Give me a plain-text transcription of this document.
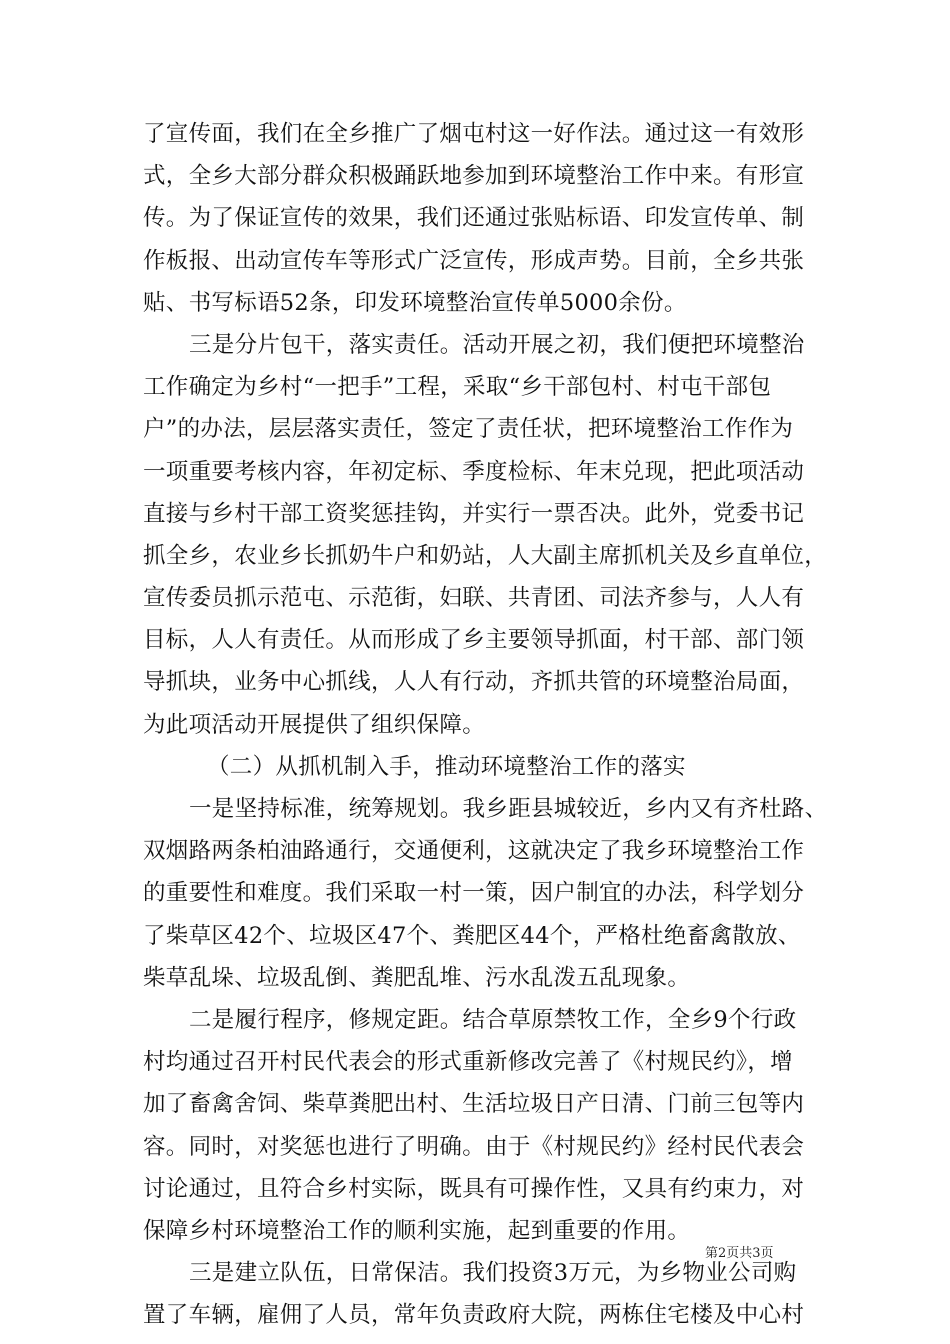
了宣传面，我们在全乡推广了烟屯村这一好作法。通过这一有效形
式，全乡大部分群众积极踊跃地参加到环境整治工作中来。有形宣
传。为了保证宣传的效果，我们还通过张贴标语、印发宣传单、制
作板报、出动宣传车等形式广泛宣传，形成声势。目前，全乡共张
贴、书写标语52条，印发环境整治宣传单5000余份。
三是分片包干，落实责任。活动开展之初，我们便把环境整治
工作确定为乡村“一把手”工程，采取“乡干部包村、村屯干部包
户”的办法，层层落实责任，签定了责任状，把环境整治工作作为
一项重要考核内容，年初定标、季度检标、年末兑现，把此项活动
直接与乡村干部工资奖惩挂钩，并实行一票否决。此外，党委书记
抓全乡，农业乡长抓奶牛户和奶站，人大副主席抓机关及乡直单位，
宣传委员抓示范屯、示范街，妇联、共青团、司法齐参与，人人有
目标，人人有责任。从而形成了乡主要领导抓面，村干部、部门领
导抓块，业务中心抓线，人人有行动，齐抓共管的环境整治局面，
为此项活动开展提供了组织保障。
（二）从抓机制入手，推动环境整治工作的落实
一是坚持标准，统筹规划。我乡距县城较近，乡内又有齐杜路、
双烟路两条柏油路通行，交通便利，这就决定了我乡环境整治工作
的重要性和难度。我们采取一村一策，因户制宜的办法，科学划分
了柴草区42个、垃圾区47个、粪肥区44个，严格杜绝畜禽散放、
柴草乱垛、垃圾乱倒、粪肥乱堆、污水乱泼五乱现象。
二是履行程序，修规定距。结合草原禁牧工作，全乡9个行政
村均通过召开村民代表会的形式重新修改完善了《村规民约》，增
加了畜禽舍饲、柴草粪肥出村、生活垃圾日产日清、门前三包等内
容。同时，对奖惩也进行了明确。由于《村规民约》经村民代表会
讨论通过，且符合乡村实际，既具有可操作性，又具有约束力，对
保障乡村环境整治工作的顺利实施，起到重要的作用。
三是建立队伍，日常保洁。我们投资3万元，为乡物业公司购
置了车辆，雇佣了人员，常年负责政府大院，两栋住宅楼及中心村
第2页共3页
